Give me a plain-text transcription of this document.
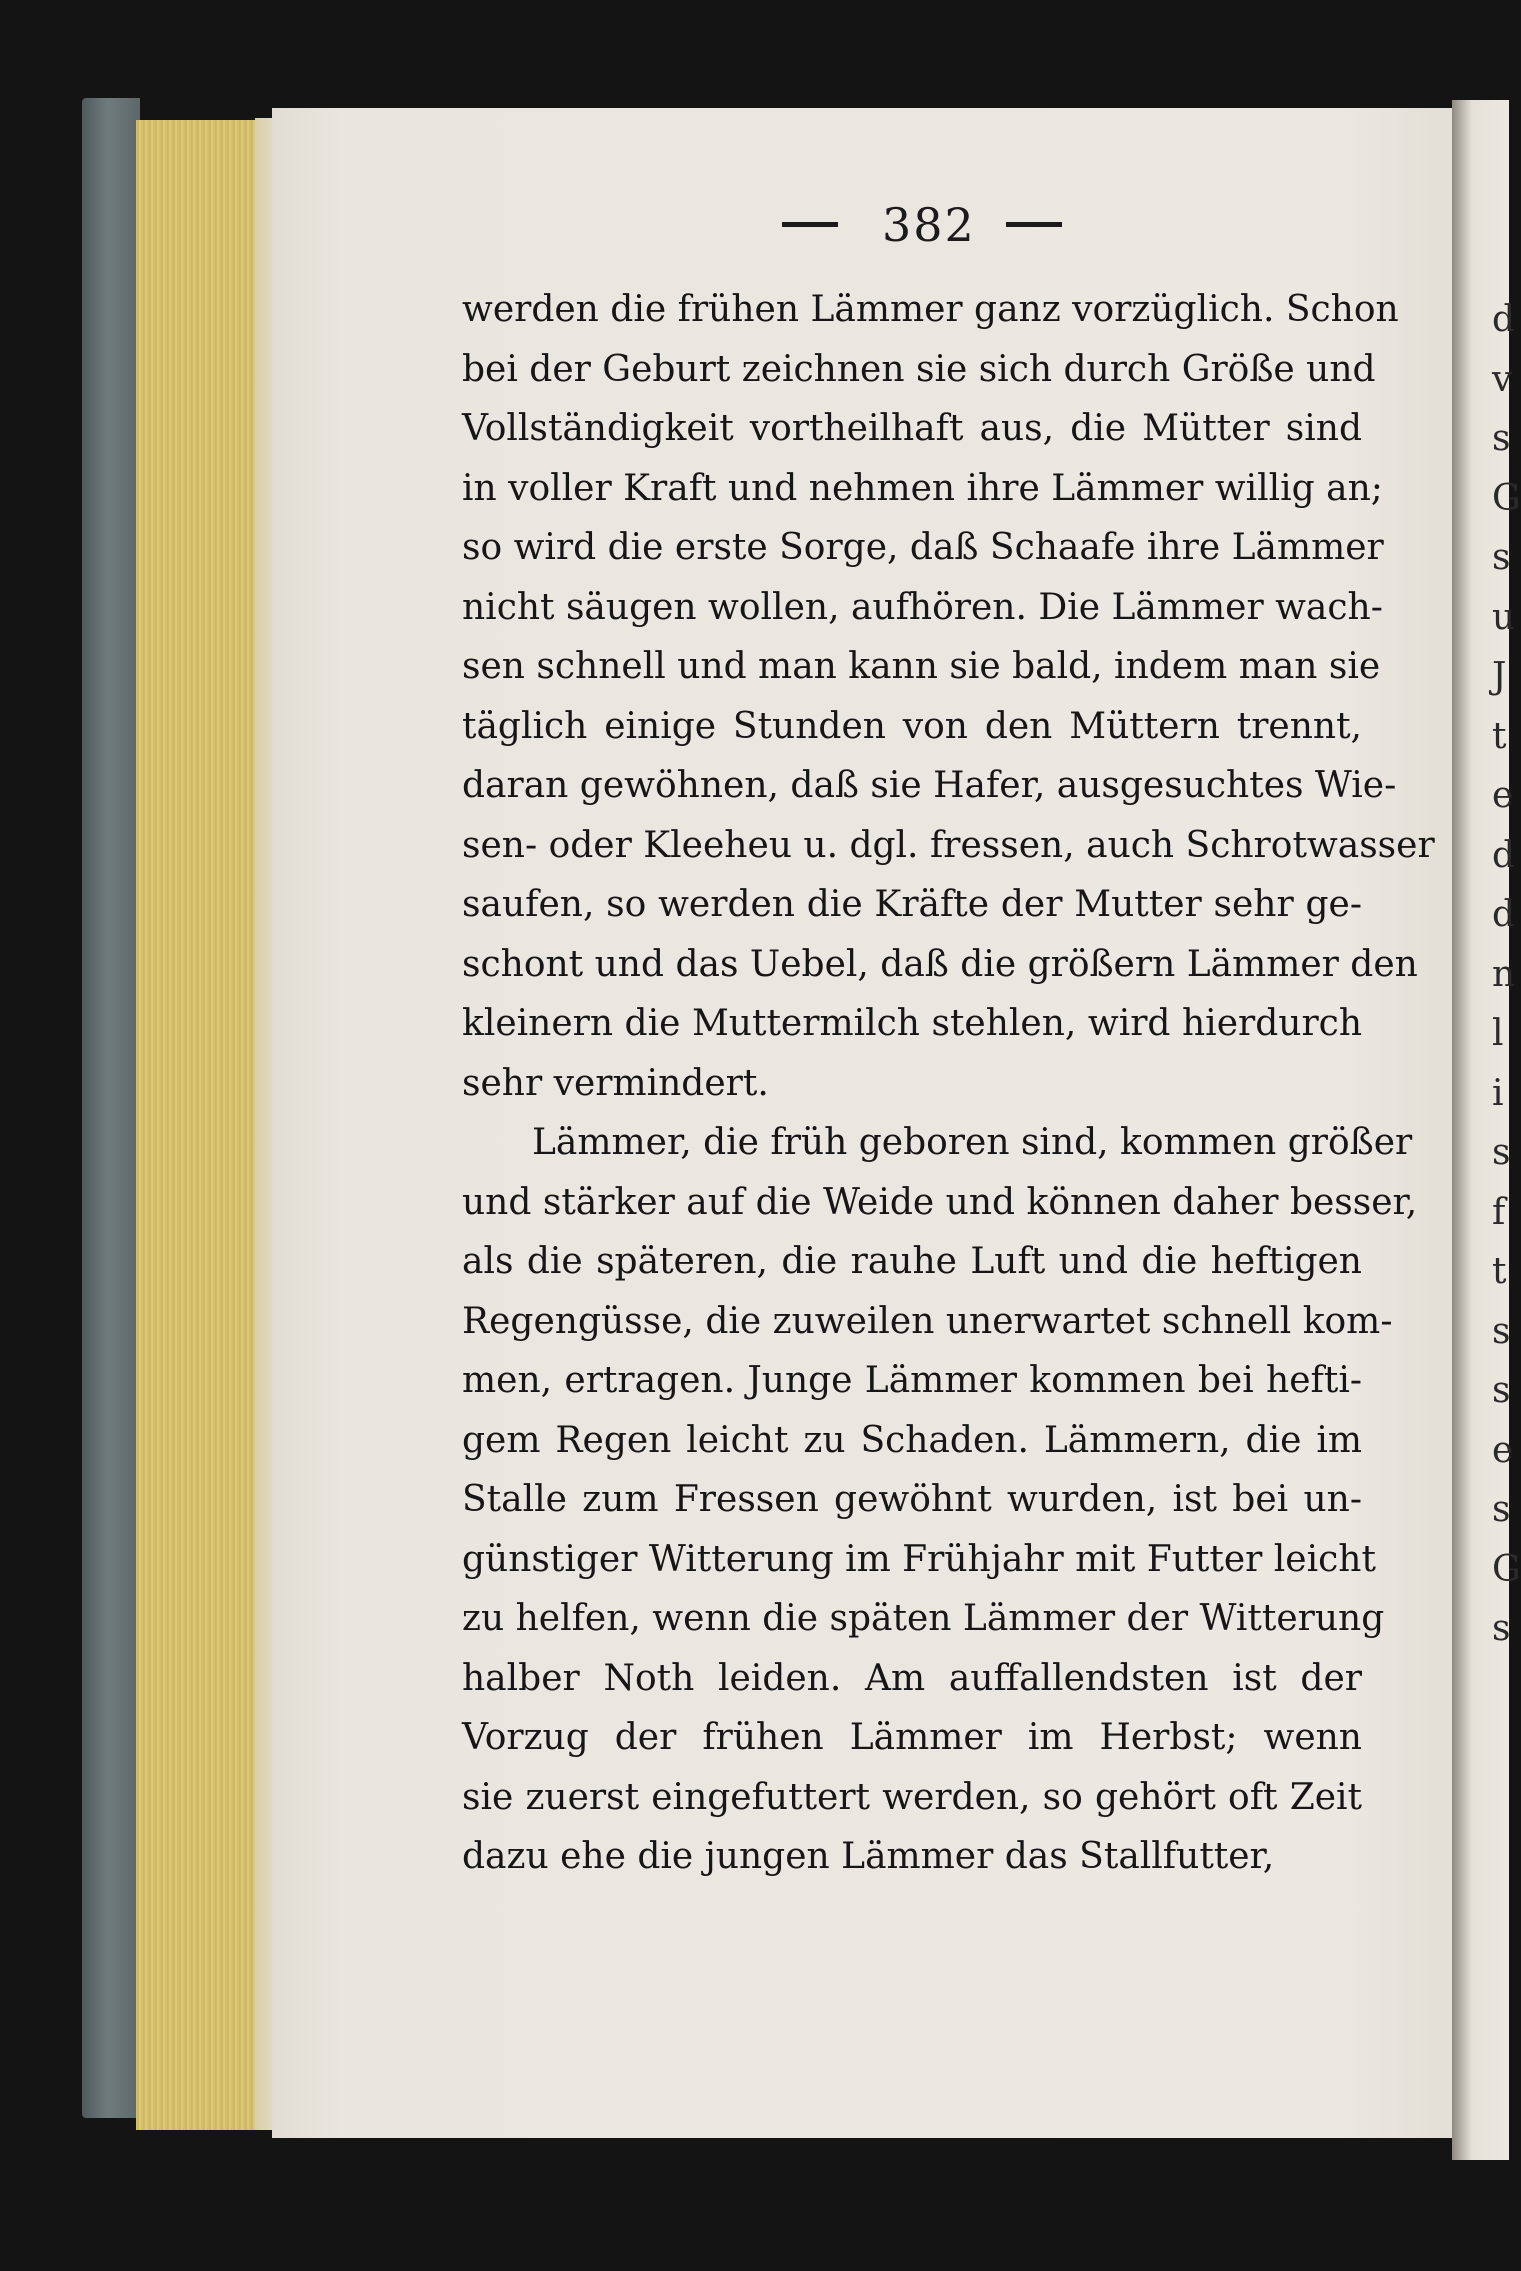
382
werden die frühen Lämmer ganz vorzüglich. Schon
bei der Geburt zeichnen sie sich durch Größe und
Vollständigkeit vortheilhaft aus, die Mütter sind
in voller Kraft und nehmen ihre Lämmer willig an;
so wird die erste Sorge, daß Schaafe ihre Lämmer
nicht säugen wollen, aufhören. Die Lämmer wach-
sen schnell und man kann sie bald, indem man sie
täglich einige Stunden von den Müttern trennt,
daran gewöhnen, daß sie Hafer, ausgesuchtes Wie-
sen- oder Kleeheu u. dgl. fressen, auch Schrotwasser
saufen, so werden die Kräfte der Mutter sehr ge-
schont und das Uebel, daß die größern Lämmer den
kleinern die Muttermilch stehlen, wird hierdurch
sehr vermindert.
Lämmer, die früh geboren sind, kommen größer
und stärker auf die Weide und können daher besser,
als die späteren, die rauhe Luft und die heftigen
Regengüsse, die zuweilen unerwartet schnell kom-
men, ertragen. Junge Lämmer kommen bei hefti-
gem Regen leicht zu Schaden. Lämmern, die im
Stalle zum Fressen gewöhnt wurden, ist bei un-
günstiger Witterung im Frühjahr mit Futter leicht
zu helfen, wenn die späten Lämmer der Witterung
halber Noth leiden. Am auffallendsten ist der
Vorzug der frühen Lämmer im Herbst; wenn
sie zuerst eingefuttert werden, so gehört oft Zeit
dazu ehe die jungen Lämmer das Stallfutter,
d
v
s
G
s
u
J
t
e
d
d
n
l
i
s
f
t
s
s
e
s
G
s
